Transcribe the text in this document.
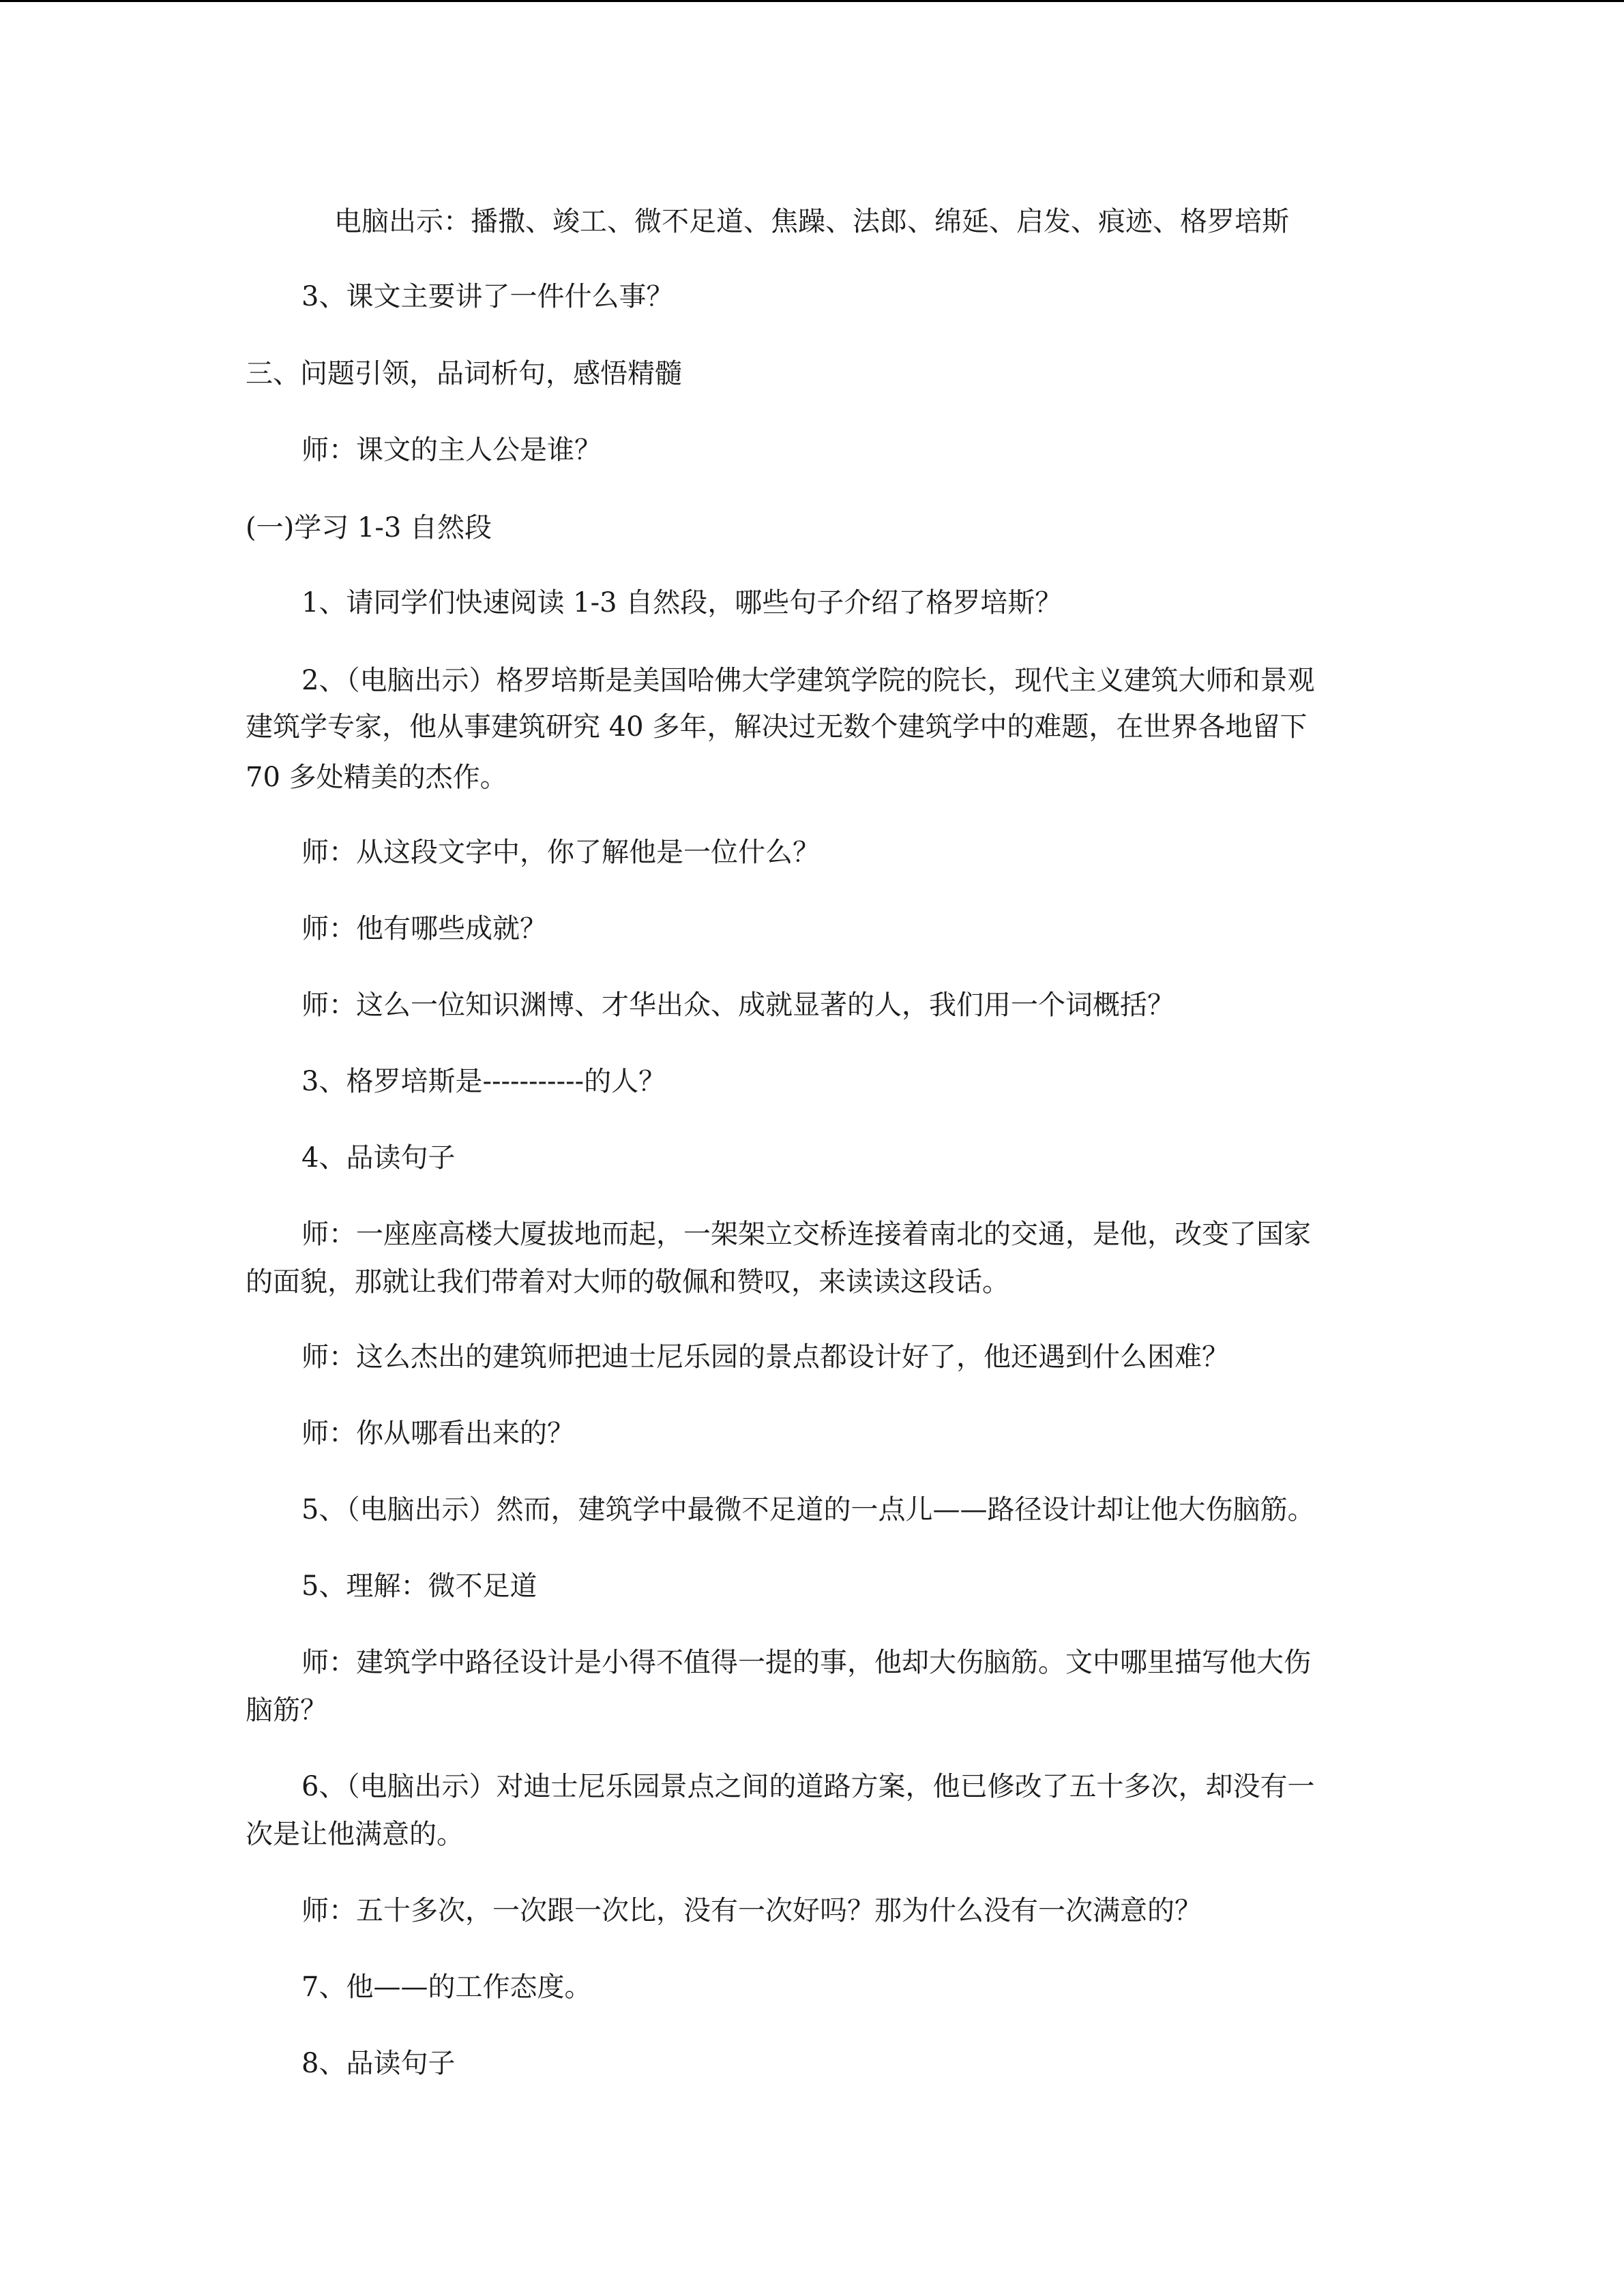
电脑出示：播撒、竣工、微不足道、焦躁、法郎、绵延、启发、痕迹、格罗培斯
3、课文主要讲了一件什么事？
三、问题引领，品词析句，感悟精髓
师：课文的主人公是谁？
(一)学习 1-3 自然段
1、请同学们快速阅读 1-3 自然段，哪些句子介绍了格罗培斯？
2、（电脑出示）格罗培斯是美国哈佛大学建筑学院的院长，现代主义建筑大师和景观
建筑学专家，他从事建筑研究 40 多年，解决过无数个建筑学中的难题，在世界各地留下
70 多处精美的杰作。
师：从这段文字中，你了解他是一位什么？
师：他有哪些成就？
师：这么一位知识渊博、才华出众、成就显著的人，我们用一个词概括？
3、格罗培斯是-----------的人？
4、品读句子
师：一座座高楼大厦拔地而起，一架架立交桥连接着南北的交通，是他，改变了国家
的面貌，那就让我们带着对大师的敬佩和赞叹，来读读这段话。
师：这么杰出的建筑师把迪士尼乐园的景点都设计好了，他还遇到什么困难？
师：你从哪看出来的？
5、（电脑出示）然而，建筑学中最微不足道的一点儿——路径设计却让他大伤脑筋。
5、理解：微不足道
师：建筑学中路径设计是小得不值得一提的事，他却大伤脑筋。文中哪里描写他大伤
脑筋？
6、（电脑出示）对迪士尼乐园景点之间的道路方案，他已修改了五十多次，却没有一
次是让他满意的。
师：五十多次，一次跟一次比，没有一次好吗？那为什么没有一次满意的？
7、他——的工作态度。
8、品读句子
